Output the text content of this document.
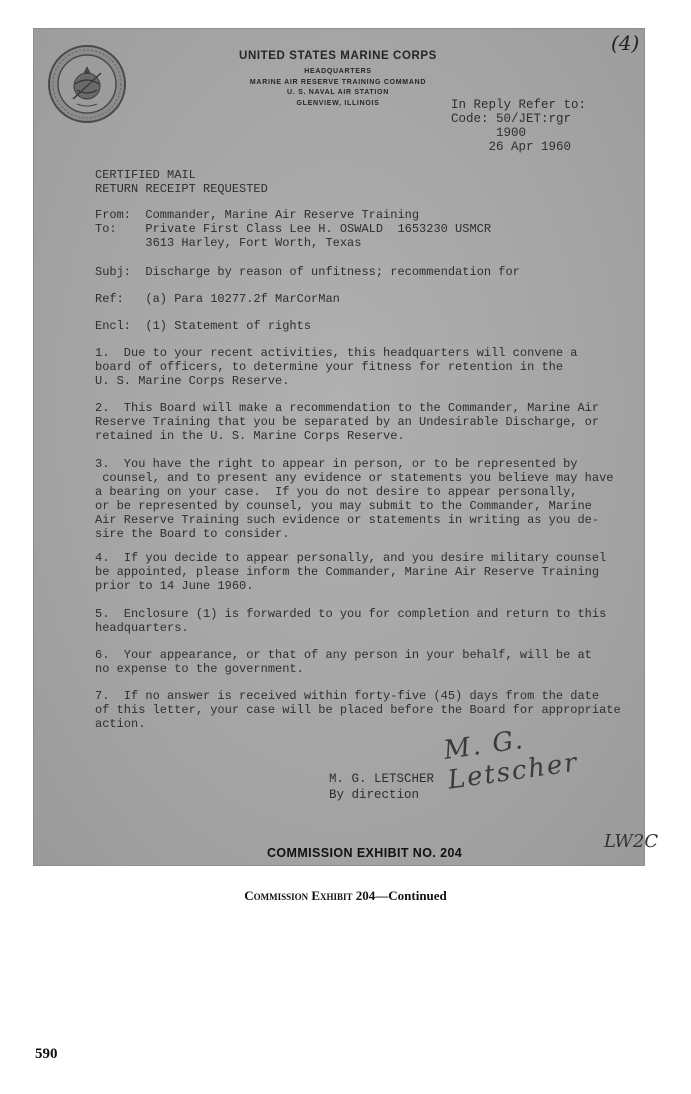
UNITED STATES MARINE CORPS
HEADQUARTERS
MARINE AIR RESERVE TRAINING COMMAND
U. S. NAVAL AIR STATION
GLENVIEW, ILLINOIS
(4)
In Reply Refer to:
Code: 50/JET:rgr
1900
26 Apr 1960
CERTIFIED MAIL
RETURN RECEIPT REQUESTED
From:  Commander, Marine Air Reserve Training
To:    Private First Class Lee H. OSWALD  1653230 USMCR
3613 Harley, Fort Worth, Texas
Subj:  Discharge by reason of unfitness; recommendation for
Ref:   (a) Para 10277.2f MarCorMan
Encl:  (1) Statement of rights
1.  Due to your recent activities, this headquarters will convene a
board of officers, to determine your fitness for retention in the
U. S. Marine Corps Reserve.
2.  This Board will make a recommendation to the Commander, Marine Air
Reserve Training that you be separated by an Undesirable Discharge, or
retained in the U. S. Marine Corps Reserve.
3.  You have the right to appear in person, or to be represented by
counsel, and to present any evidence or statements you believe may have
a bearing on your case.  If you do not desire to appear personally,
or be represented by counsel, you may submit to the Commander, Marine
Air Reserve Training such evidence or statements in writing as you de-
sire the Board to consider.
4.  If you decide to appear personally, and you desire military counsel
be appointed, please inform the Commander, Marine Air Reserve Training
prior to 14 June 1960.
5.  Enclosure (1) is forwarded to you for completion and return to this
headquarters.
6.  Your appearance, or that of any person in your behalf, will be at
no expense to the government.
7.  If no answer is received within forty-five (45) days from the date
of this letter, your case will be placed before the Board for appropriate
action.
M. G. Letscher
M. G. LETSCHER
By direction
LW2C
COMMISSION EXHIBIT NO. 204
Commission Exhibit 204—Continued
590
